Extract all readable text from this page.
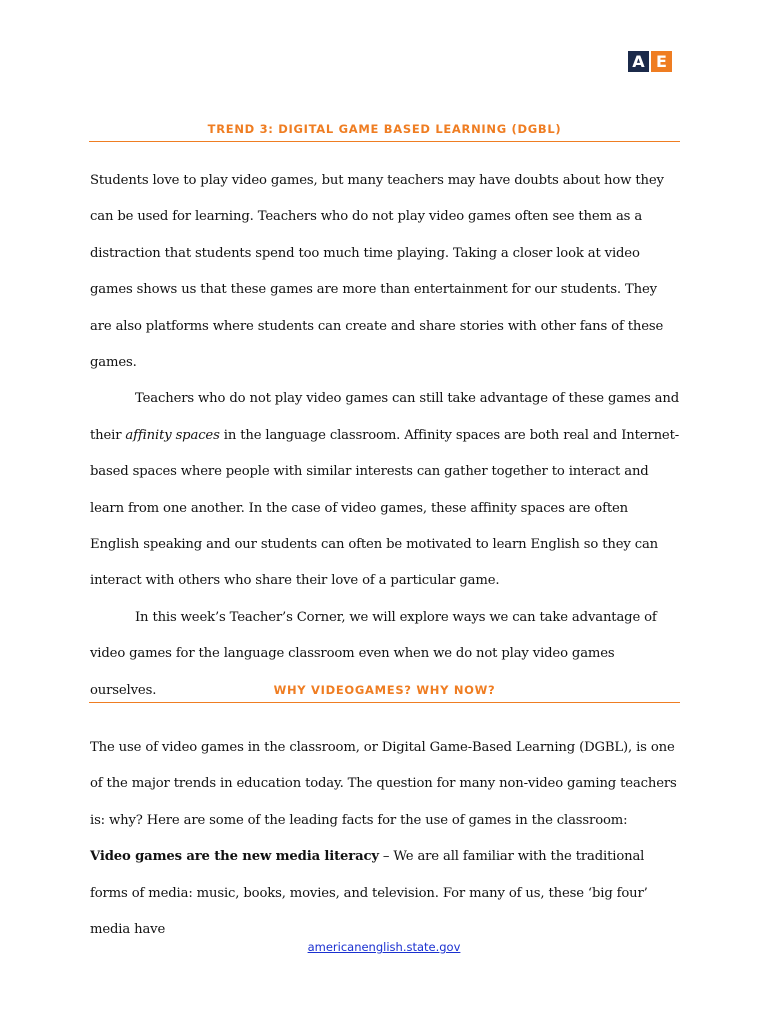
A E
TREND 3: DIGITAL GAME BASED LEARNING (DGBL)

Students love to play video games, but many teachers may have doubts about how they can be used for learning. Teachers who do not play video games often see them as a distraction that students spend too much time playing. Taking a closer look at video games shows us that these games are more than entertainment for our students. They are also platforms where students can create and share stories with other fans of these games.

Teachers who do not play video games can still take advantage of these games and their affinity spaces in the language classroom. Affinity spaces are both real and Internet-based spaces where people with similar interests can gather together to interact and learn from one another. In the case of video games, these affinity spaces are often English speaking and our students can often be motivated to learn English so they can interact with others who share their love of a particular game.

In this week’s Teacher’s Corner, we will explore ways we can take advantage of video games for the language classroom even when we do not play video games ourselves.	WHY VIDEOGAMES? WHY NOW?

The use of video games in the classroom, or Digital Game-Based Learning (DGBL), is one of the major trends in education today. The question for many non-video gaming teachers is: why? Here are some of the leading facts for the use of games in the classroom:

Video games are the new media literacy – We are all familiar with the traditional forms of media: music, books, movies, and television. For many of us, these ‘big four’ media have

americanenglish.state.gov
